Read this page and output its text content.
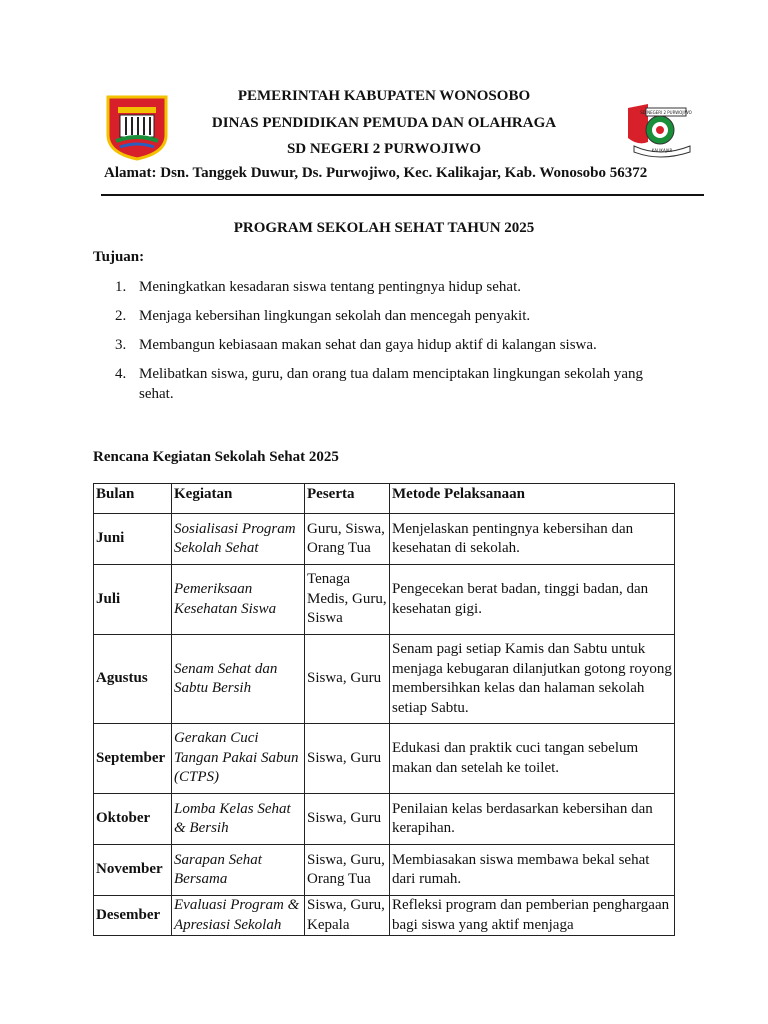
PEMERINTAH KABUPATEN WONOSOBO
DINAS PENDIDIKAN PEMUDA DAN OLAHRAGA
SD NEGERI 2 PURWOJIWO
SD NEGERI 2 PURWOJIWO
KALIKAJAR
Alamat: Dsn. Tanggek Duwur, Ds. Purwojiwo, Kec. Kalikajar, Kab. Wonosobo 56372
PROGRAM SEKOLAH SEHAT TAHUN 2025
Tujuan:
1. Meningkatkan kesadaran siswa tentang pentingnya hidup sehat.
2. Menjaga kebersihan lingkungan sekolah dan mencegah penyakit.
3. Membangun kebiasaan makan sehat dan gaya hidup aktif di kalangan siswa.
4. Melibatkan siswa, guru, dan orang tua dalam menciptakan lingkungan sekolah yang sehat.
Rencana Kegiatan Sekolah Sehat 2025
Bulan	Kegiatan	Peserta	Metode Pelaksanaan
Juni	Sosialisasi Program Sekolah Sehat	Guru, Siswa, Orang Tua	Menjelaskan pentingnya kebersihan dan kesehatan di sekolah.
Juli	Pemeriksaan Kesehatan Siswa	Tenaga Medis, Guru, Siswa	Pengecekan berat badan, tinggi badan, dan kesehatan gigi.
Agustus	Senam Sehat dan Sabtu Bersih	Siswa, Guru	Senam pagi setiap Kamis dan Sabtu untuk menjaga kebugaran dilanjutkan gotong royong membersihkan kelas dan halaman sekolah setiap Sabtu.
September	Gerakan Cuci Tangan Pakai Sabun (CTPS)	Siswa, Guru	Edukasi dan praktik cuci tangan sebelum makan dan setelah ke toilet.
Oktober	Lomba Kelas Sehat & Bersih	Siswa, Guru	Penilaian kelas berdasarkan kebersihan dan kerapihan.
November	Sarapan Sehat Bersama	Siswa, Guru, Orang Tua	Membiasakan siswa membawa bekal sehat dari rumah.
Desember	Evaluasi Program & Apresiasi Sekolah	Siswa, Guru, Kepala	Refleksi program dan pemberian penghargaan bagi siswa yang aktif menjaga
